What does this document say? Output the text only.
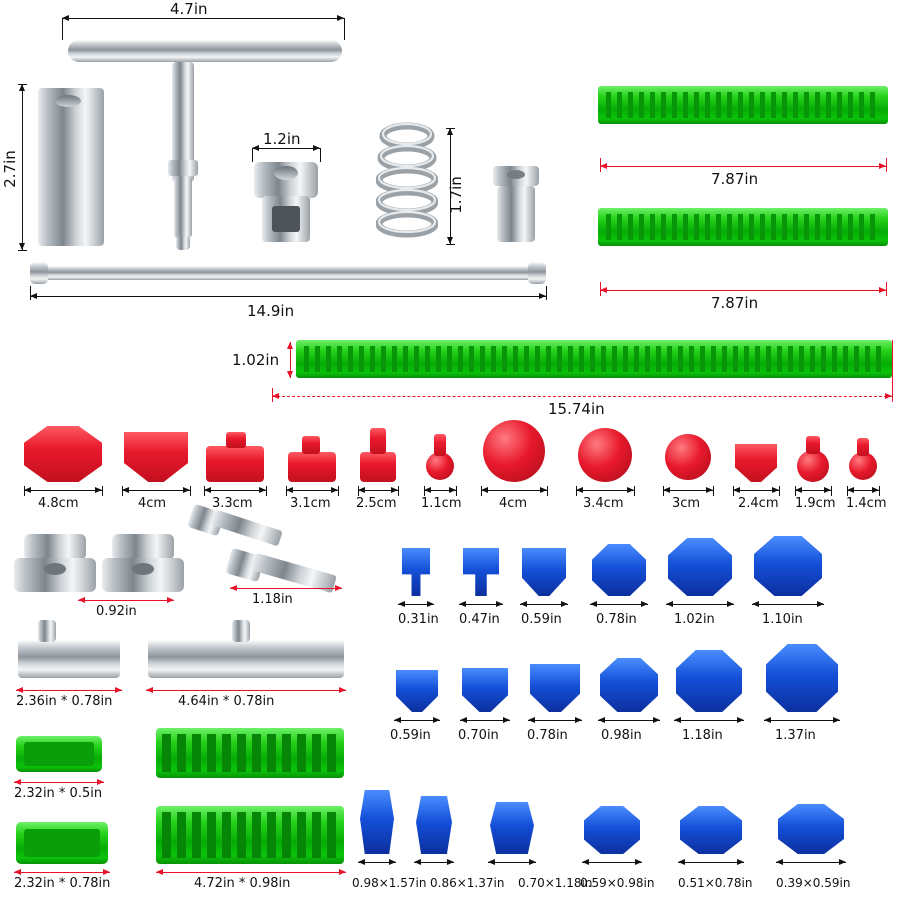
4.7in
2.7in
1.2in
1.7in
14.9in
7.87in
7.87in
1.02in
15.74in
4.8cm	4cm	3.3cm	3.1cm 2.5cm 1.1cm	4cm	3.4cm	3cm	2.4cm 1.9cm 1.4cm
0.92in
1.18in
2.36in * 0.78in	4.64in * 0.78in
2.32in * 0.5in
2.32in * 0.78in	4.72in * 0.98in
0.31in 0.47in 0.59in	0.78in	1.02in	1.10in
0.59in 0.70in 0.78in	0.98in	1.18in	1.37in
0.98×1.57in 0.86×1.37in 0.70×1.18in
0.59×0.98in 0.51×0.78in 0.39×0.59in
